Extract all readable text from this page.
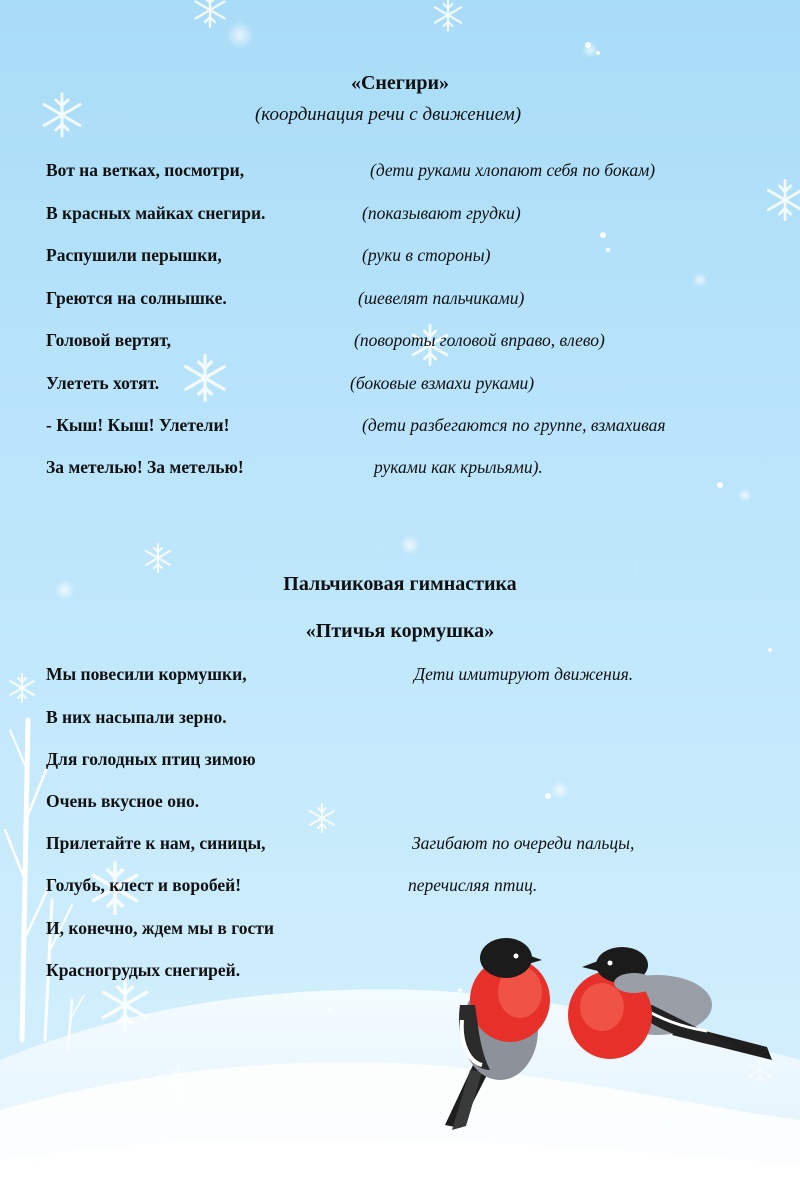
«Снегири»
(координация речи с движением)
Вот на ветках, посмотри,	(дети руками хлопают себя по бокам)
В красных майках снегири.	(показывают грудки)
Распушили перышки,	(руки в стороны)
Греются на солнышке.	(шевелят пальчиками)
Головой вертят,	(повороты головой вправо, влево)
Улететь хотят.	(боковые взмахи руками)
- Кыш! Кыш! Улетели!	(дети разбегаются по группе, взмахивая
За метелью! За метелью!	руками как крыльями).
Пальчиковая гимнастика
«Птичья кормушка»
Мы повесили кормушки,	Дети имитируют движения.
В них насыпали зерно.
Для голодных птиц зимою
Очень вкусное оно.
Прилетайте к нам, синицы,	Загибают по очереди пальцы,
Голубь, клест и воробей!	перечисляя птиц.
И, конечно, ждем мы в гости
Красногрудых снегирей.
